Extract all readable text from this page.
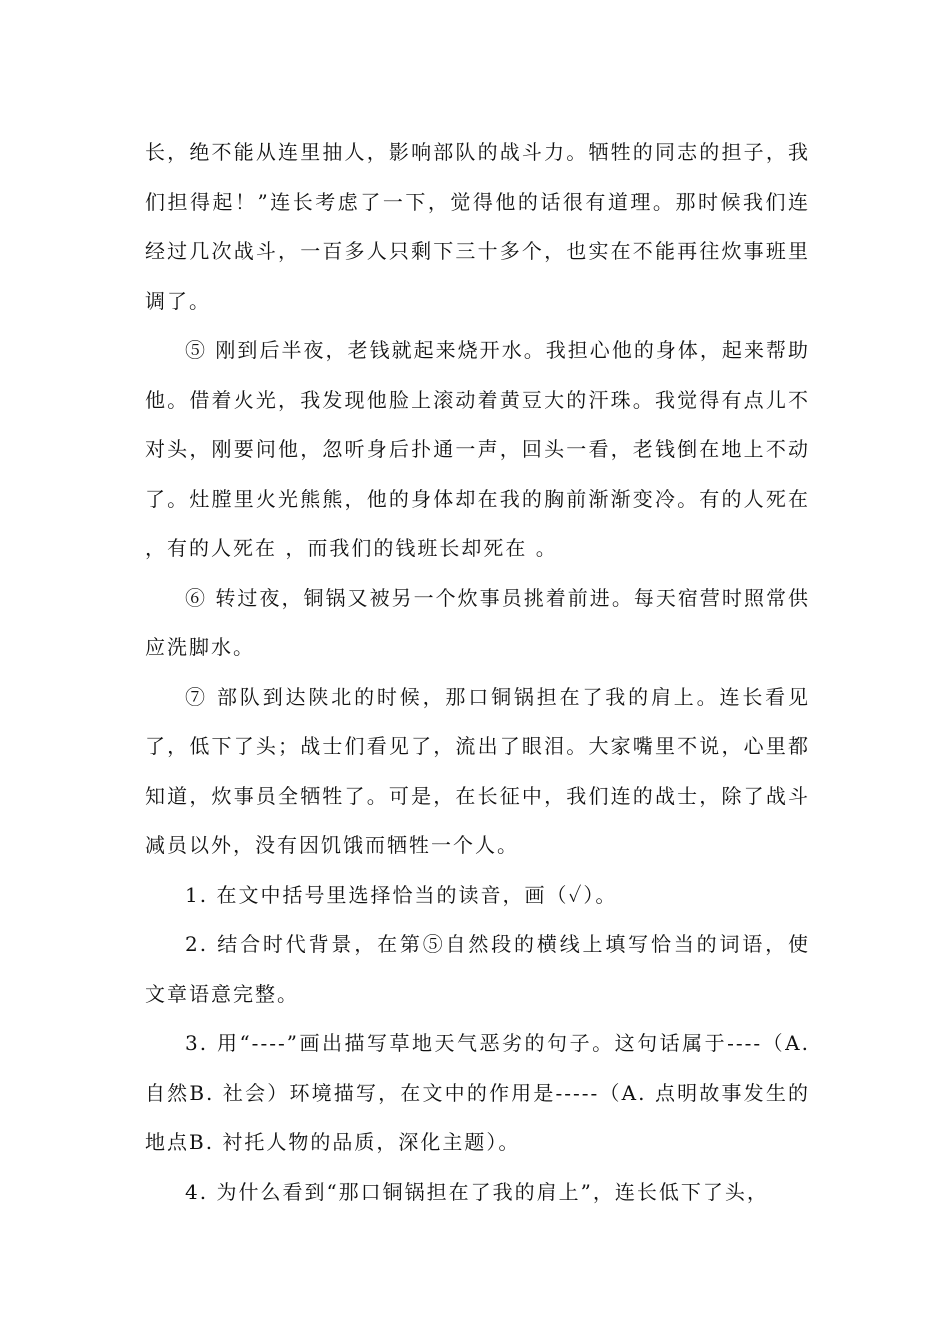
长，绝不能从连里抽人，影响部队的战斗力。牺牲的同志的担子，我们担得起！”连长考虑了一下，觉得他的话很有道理。那时候我们连经过几次战斗，一百多人只剩下三十多个，也实在不能再往炊事班里调了。

⑤ 刚到后半夜，老钱就起来烧开水。我担心他的身体，起来帮助他。借着火光，我发现他脸上滚动着黄豆大的汗珠。我觉得有点儿不对头，刚要问他，忽听身后扑通一声，回头一看，老钱倒在地上不动了。灶膛里火光熊熊，他的身体却在我的胸前渐渐变冷。有的人死在 ，有的人死在 ，而我们的钱班长却死在 。

⑥ 转过夜，铜锅又被另一个炊事员挑着前进。每天宿营时照常供应洗脚水。

⑦ 部队到达陕北的时候，那口铜锅担在了我的肩上。连长看见了，低下了头；战士们看见了，流出了眼泪。大家嘴里不说，心里都知道，炊事员全牺牲了。可是，在长征中，我们连的战士，除了战斗减员以外，没有因饥饿而牺牲一个人。

1. 在文中括号里选择恰当的读音，画（✓）。

2. 结合时代背景，在第⑤自然段的横线上填写恰当的词语，使文章语意完整。

3. 用“----”画出描写草地天气恶劣的句子。这句话属于----（A. 自然B. 社会）环境描写，在文中的作用是-----（A. 点明故事发生的地点B. 衬托人物的品质，深化主题）。

4. 为什么看到“那口铜锅担在了我的肩上”，连长低下了头，
